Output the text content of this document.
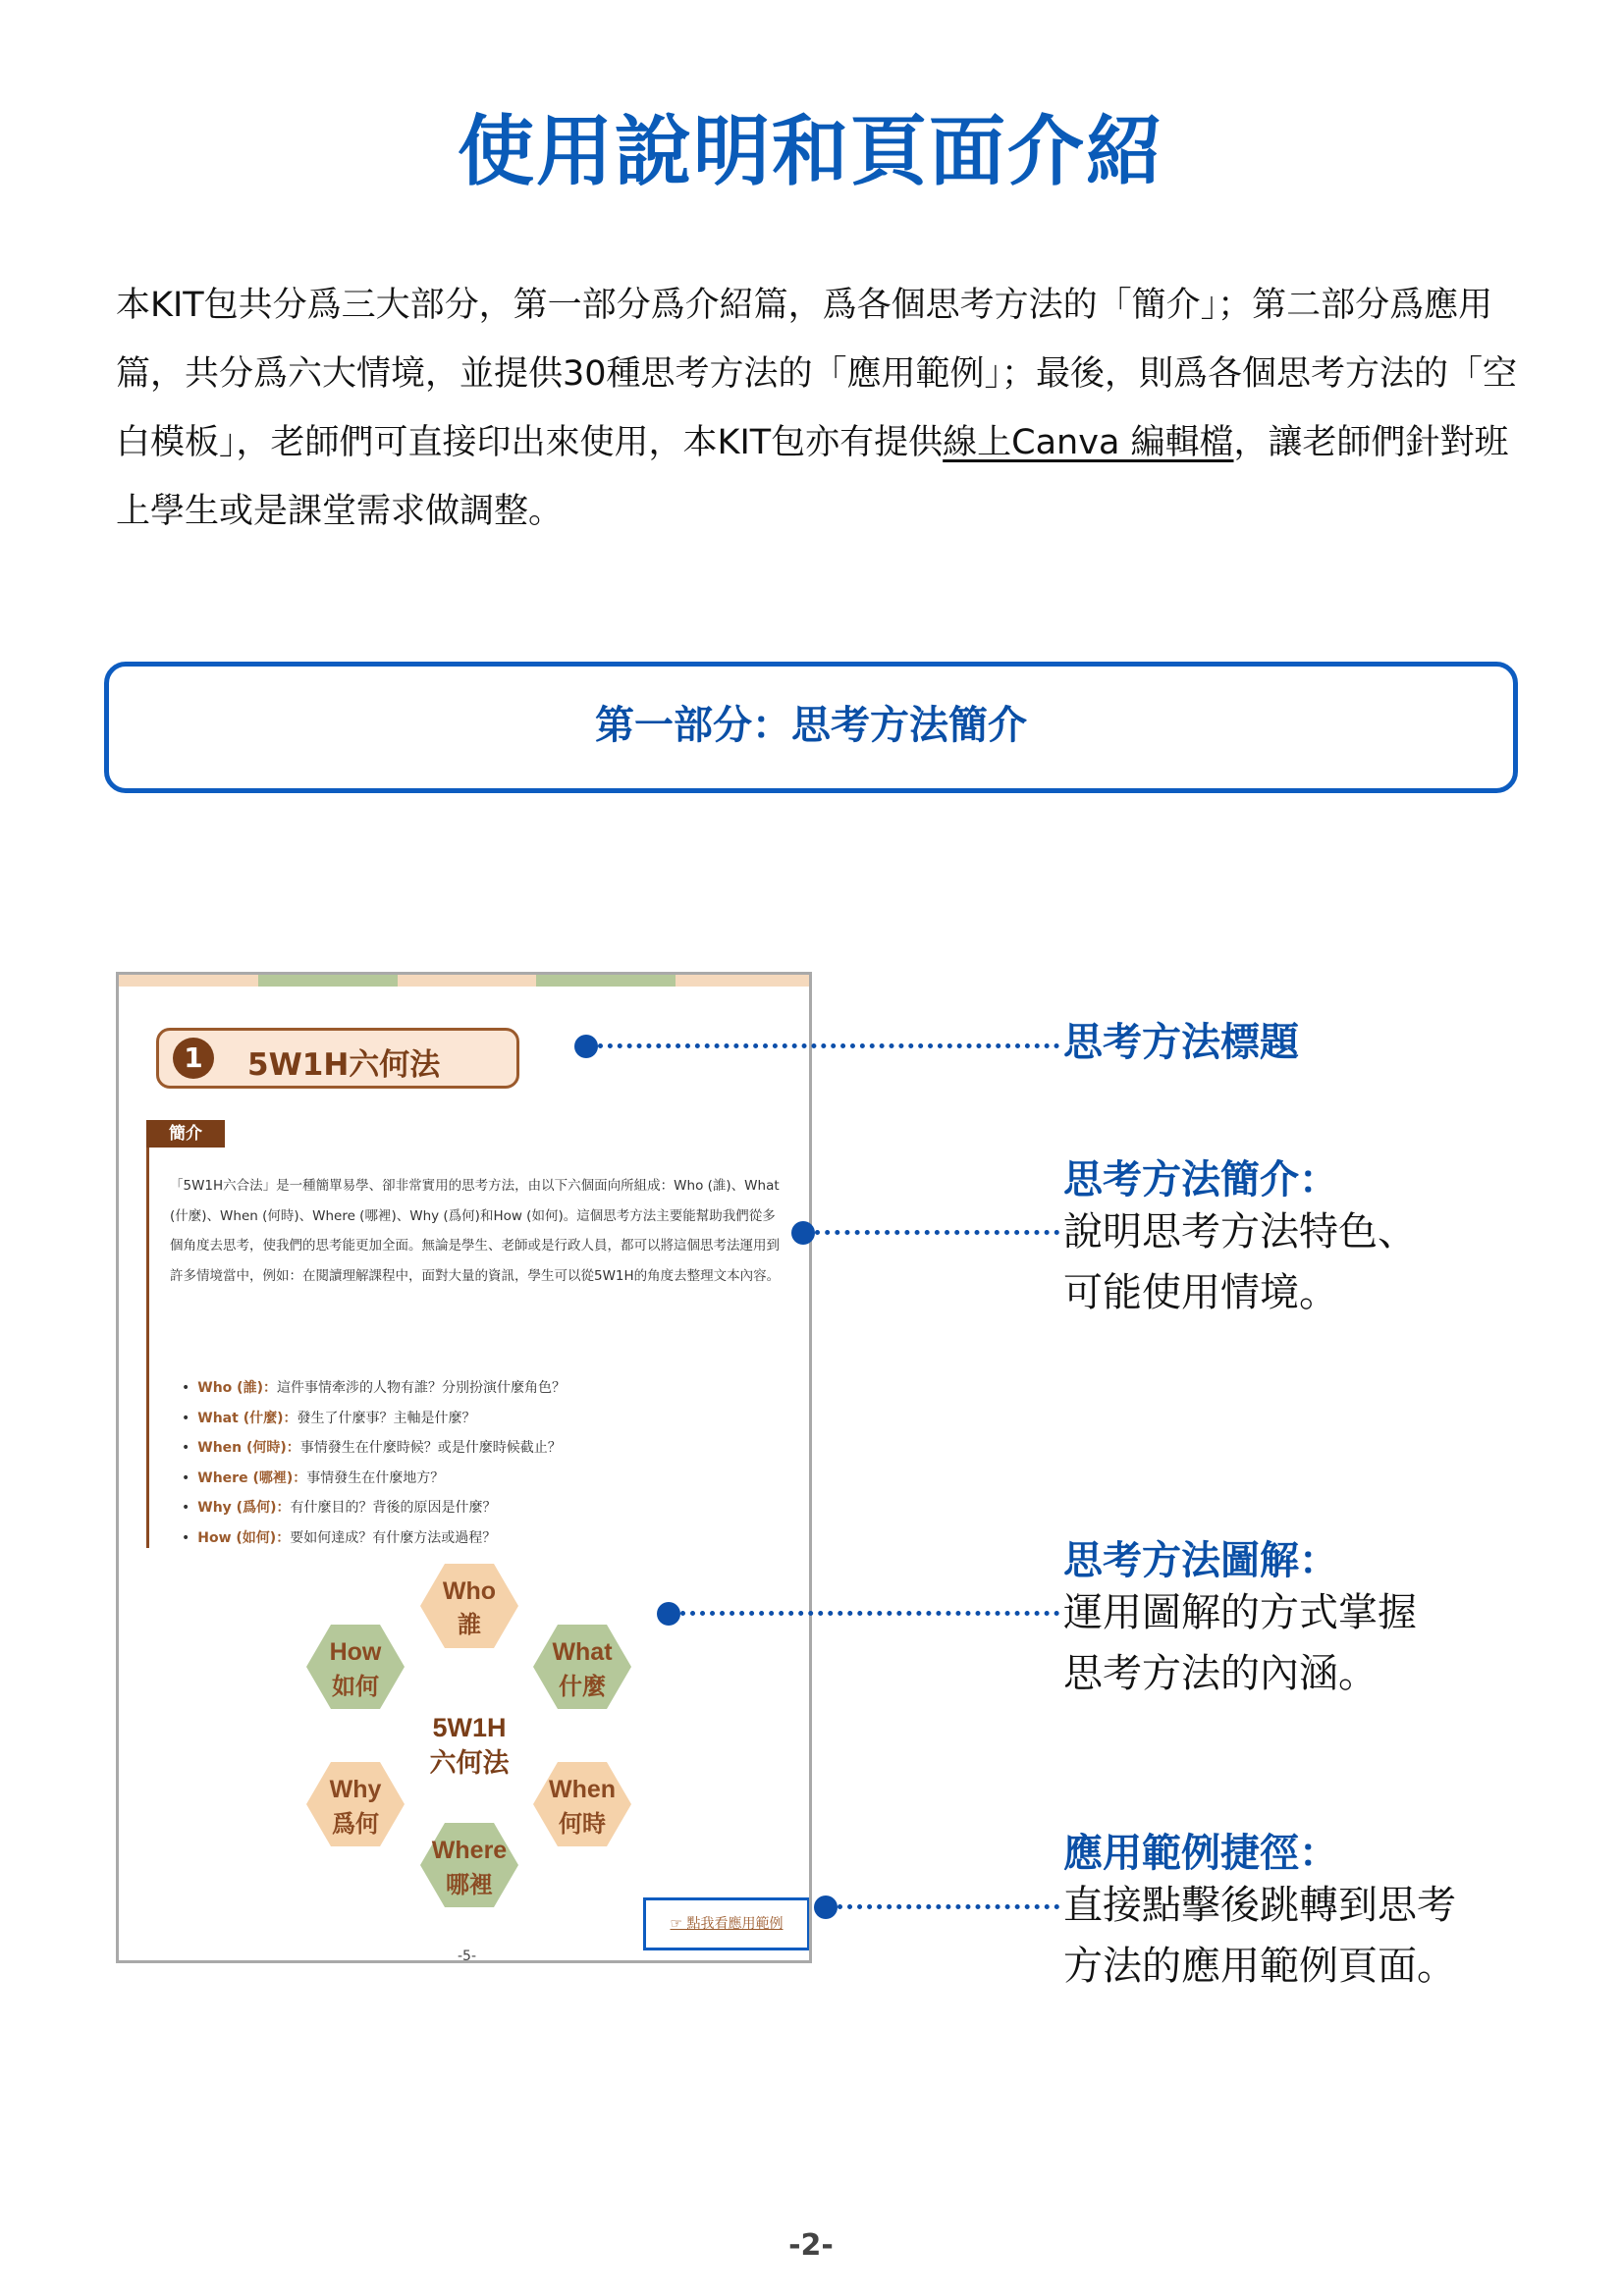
使用說明和頁面介紹
本KIT包共分爲三大部分，第一部分爲介紹篇，爲各個思考方法的「簡介」；第二部分爲應用篇，共分爲六大情境，並提供30種思考方法的「應用範例」；最後，則爲各個思考方法的「空白模板」，老師們可直接印出來使用，本KIT包亦有提供線上Canva 編輯檔，讓老師們針對班上學生或是課堂需求做調整。
第一部分：思考方法簡介
1	5W1H六何法
簡介
「5W1H六合法」是一種簡單易學、卻非常實用的思考方法，由以下六個面向所組成：Who (誰)、What (什麼)、When (何時)、Where (哪裡)、Why (爲何)和How (如何)。這個思考方法主要能幫助我們從多個角度去思考，使我們的思考能更加全面。無論是學生、老師或是行政人員，都可以將這個思考法運用到許多情境當中，例如：在閱讀理解課程中，面對大量的資訊，學生可以從5W1H的角度去整理文本內容。
• Who (誰)：這件事情牽涉的人物有誰？分別扮演什麼角色？
• What (什麼)：發生了什麼事？主軸是什麼？
• When (何時)：事情發生在什麼時候？或是什麼時候截止？
• Where (哪裡)：事情發生在什麼地方？
• Why (爲何)：有什麼目的？背後的原因是什麼？
• How (如何)：要如何達成？有什麼方法或過程？
Who
誰
How
如何
What
什麼
5W1H
六何法
Why
爲何
When
何時
Where
哪裡
☞ 點我看應用範例
-5-
思考方法標題
思考方法簡介：
說明思考方法特色、
可能使用情境。
思考方法圖解：
運用圖解的方式掌握
思考方法的內涵。
應用範例捷徑：
直接點擊後跳轉到思考
方法的應用範例頁面。
-2-
